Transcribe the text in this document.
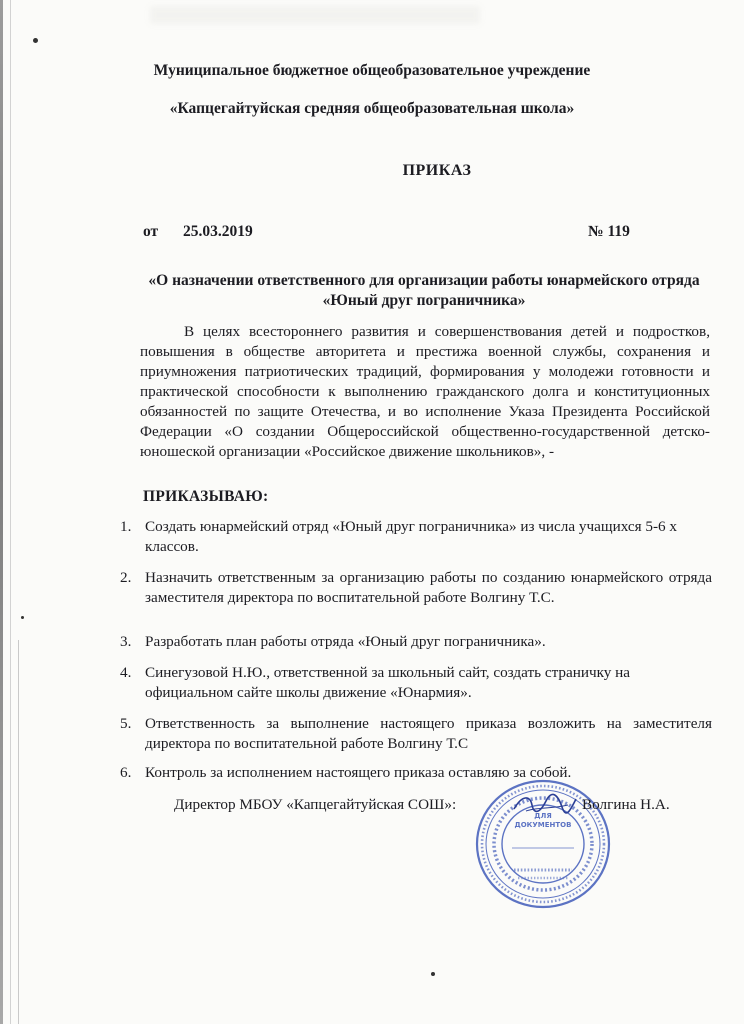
Муниципальное бюджетное общеобразовательное учреждение
«Капцегайтуйская средняя общеобразовательная школа»
ПРИКАЗ
от 25.03.2019	№ 119
«О назначении ответственного для организации работы юнармейского отряда «Юный друг пограничника»
В целях всестороннего развития и совершенствования детей и подростков, повышения в обществе авторитета и престижа военной службы, сохранения и приумножения патриотических традиций, формирования у молодежи готовности и практической способности к выполнению гражданского долга и конституционных обязанностей по защите Отечества, и во исполнение Указа Президента Российской Федерации «О создании Общероссийской общественно-государственной детско-юношеской организации «Российское движение школьников», -
ПРИКАЗЫВАЮ:
1. Создать юнармейский отряд «Юный друг пограничника» из числа учащихся 5-6 х классов.
2. Назначить ответственным за организацию работы по созданию юнармейского отряда заместителя директора по воспитательной работе Волгину Т.С.
3. Разработать план работы отряда «Юный друг пограничника».
4. Синегузовой Н.Ю., ответственной за школьный сайт, создать страничку на официальном сайте школы движение «Юнармия».
5. Ответственность за выполнение настоящего приказа возложить на заместителя директора по воспитательной работе Волгину Т.С
6. Контроль за исполнением настоящего приказа оставляю за собой.
ДЛЯ
ДОКУМЕНТОВ
Директор МБОУ «Капцегайтуйская СОШ»:	Волгина Н.А.
